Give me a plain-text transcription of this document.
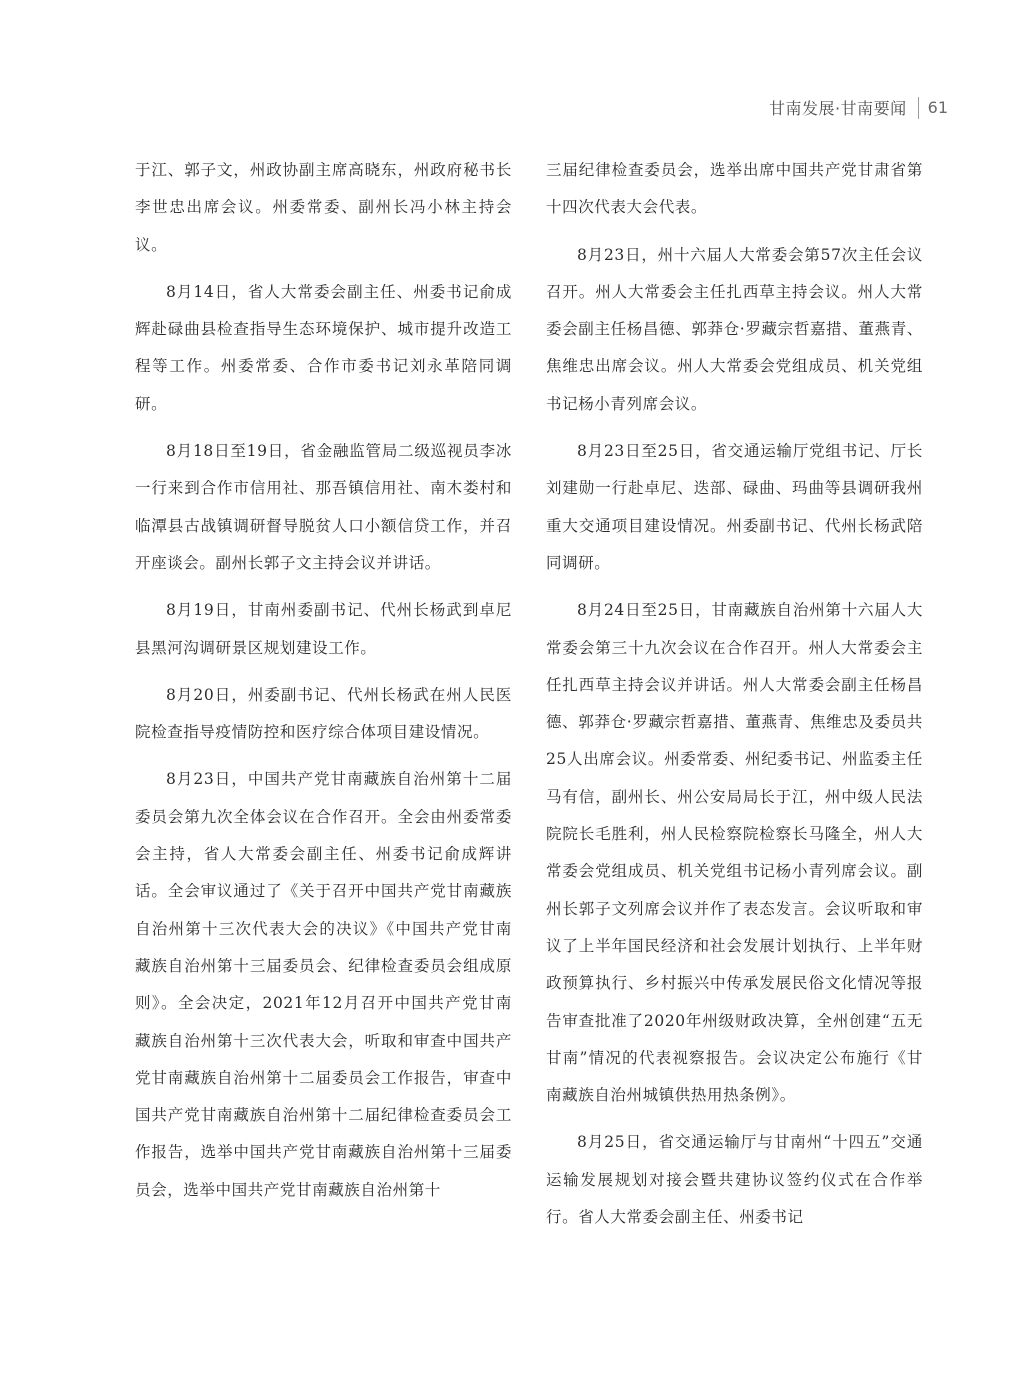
甘南发展·甘南要闻 61

于江、郭子文，州政协副主席高晓东，州政府秘书长李世忠出席会议。州委常委、副州长冯小林主持会议。

8月14日，省人大常委会副主任、州委书记俞成辉赴碌曲县检查指导生态环境保护、城市提升改造工程等工作。州委常委、合作市委书记刘永革陪同调研。

8月18日至19日，省金融监管局二级巡视员李冰一行来到合作市信用社、那吾镇信用社、南木娄村和临潭县古战镇调研督导脱贫人口小额信贷工作，并召开座谈会。副州长郭子文主持会议并讲话。

8月19日，甘南州委副书记、代州长杨武到卓尼县黑河沟调研景区规划建设工作。

8月20日，州委副书记、代州长杨武在州人民医院检查指导疫情防控和医疗综合体项目建设情况。

8月23日，中国共产党甘南藏族自治州第十二届委员会第九次全体会议在合作召开。全会由州委常委会主持，省人大常委会副主任、州委书记俞成辉讲话。全会审议通过了《关于召开中国共产党甘南藏族自治州第十三次代表大会的决议》《中国共产党甘南藏族自治州第十三届委员会、纪律检查委员会组成原则》。全会决定，2021年12月召开中国共产党甘南藏族自治州第十三次代表大会，听取和审查中国共产党甘南藏族自治州第十二届委员会工作报告，审查中国共产党甘南藏族自治州第十二届纪律检查委员会工作报告，选举中国共产党甘南藏族自治州第十三届委员会，选举中国共产党甘南藏族自治州第十

三届纪律检查委员会，选举出席中国共产党甘肃省第十四次代表大会代表。

8月23日，州十六届人大常委会第57次主任会议召开。州人大常委会主任扎西草主持会议。州人大常委会副主任杨昌德、郭莽仓·罗藏宗哲嘉措、董燕青、焦维忠出席会议。州人大常委会党组成员、机关党组书记杨小青列席会议。

8月23日至25日，省交通运输厅党组书记、厅长刘建勋一行赴卓尼、迭部、碌曲、玛曲等县调研我州重大交通项目建设情况。州委副书记、代州长杨武陪同调研。

8月24日至25日，甘南藏族自治州第十六届人大常委会第三十九次会议在合作召开。州人大常委会主任扎西草主持会议并讲话。州人大常委会副主任杨昌德、郭莽仓·罗藏宗哲嘉措、董燕青、焦维忠及委员共25人出席会议。州委常委、州纪委书记、州监委主任马有信，副州长、州公安局局长于江，州中级人民法院院长毛胜利，州人民检察院检察长马隆全，州人大常委会党组成员、机关党组书记杨小青列席会议。副州长郭子文列席会议并作了表态发言。会议听取和审议了上半年国民经济和社会发展计划执行、上半年财政预算执行、乡村振兴中传承发展民俗文化情况等报告审查批准了2020年州级财政决算，全州创建“五无甘南”情况的代表视察报告。会议决定公布施行《甘南藏族自治州城镇供热用热条例》。

8月25日，省交通运输厅与甘南州“十四五”交通运输发展规划对接会暨共建协议签约仪式在合作举行。省人大常委会副主任、州委书记
